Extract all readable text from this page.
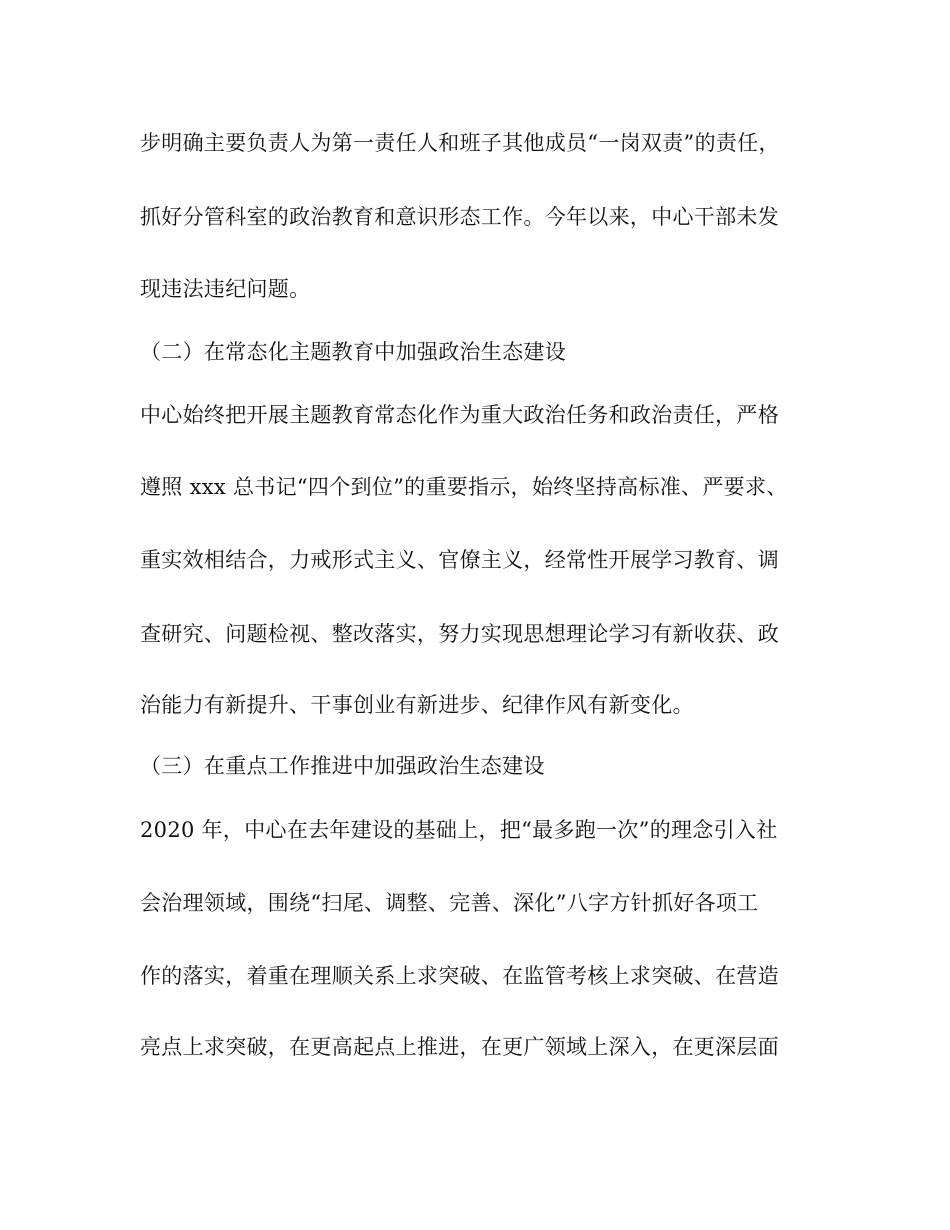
步明确主要负责人为第一责任人和班子其他成员“一岗双责”的责任，
抓好分管科室的政治教育和意识形态工作。今年以来，中心干部未发
现违法违纪问题。
（二）在常态化主题教育中加强政治生态建设
中心始终把开展主题教育常态化作为重大政治任务和政治责任，严格
遵照 xxx 总书记“四个到位”的重要指示，始终坚持高标准、严要求、
重实效相结合，力戒形式主义、官僚主义，经常性开展学习教育、调
查研究、问题检视、整改落实，努力实现思想理论学习有新收获、政
治能力有新提升、干事创业有新进步、纪律作风有新变化。
（三）在重点工作推进中加强政治生态建设
2020 年，中心在去年建设的基础上，把“最多跑一次”的理念引入社
会治理领域，围绕“扫尾、调整、完善、深化”八字方针抓好各项工
作的落实，着重在理顺关系上求突破、在监管考核上求突破、在营造
亮点上求突破，在更高起点上推进，在更广领域上深入，在更深层面
